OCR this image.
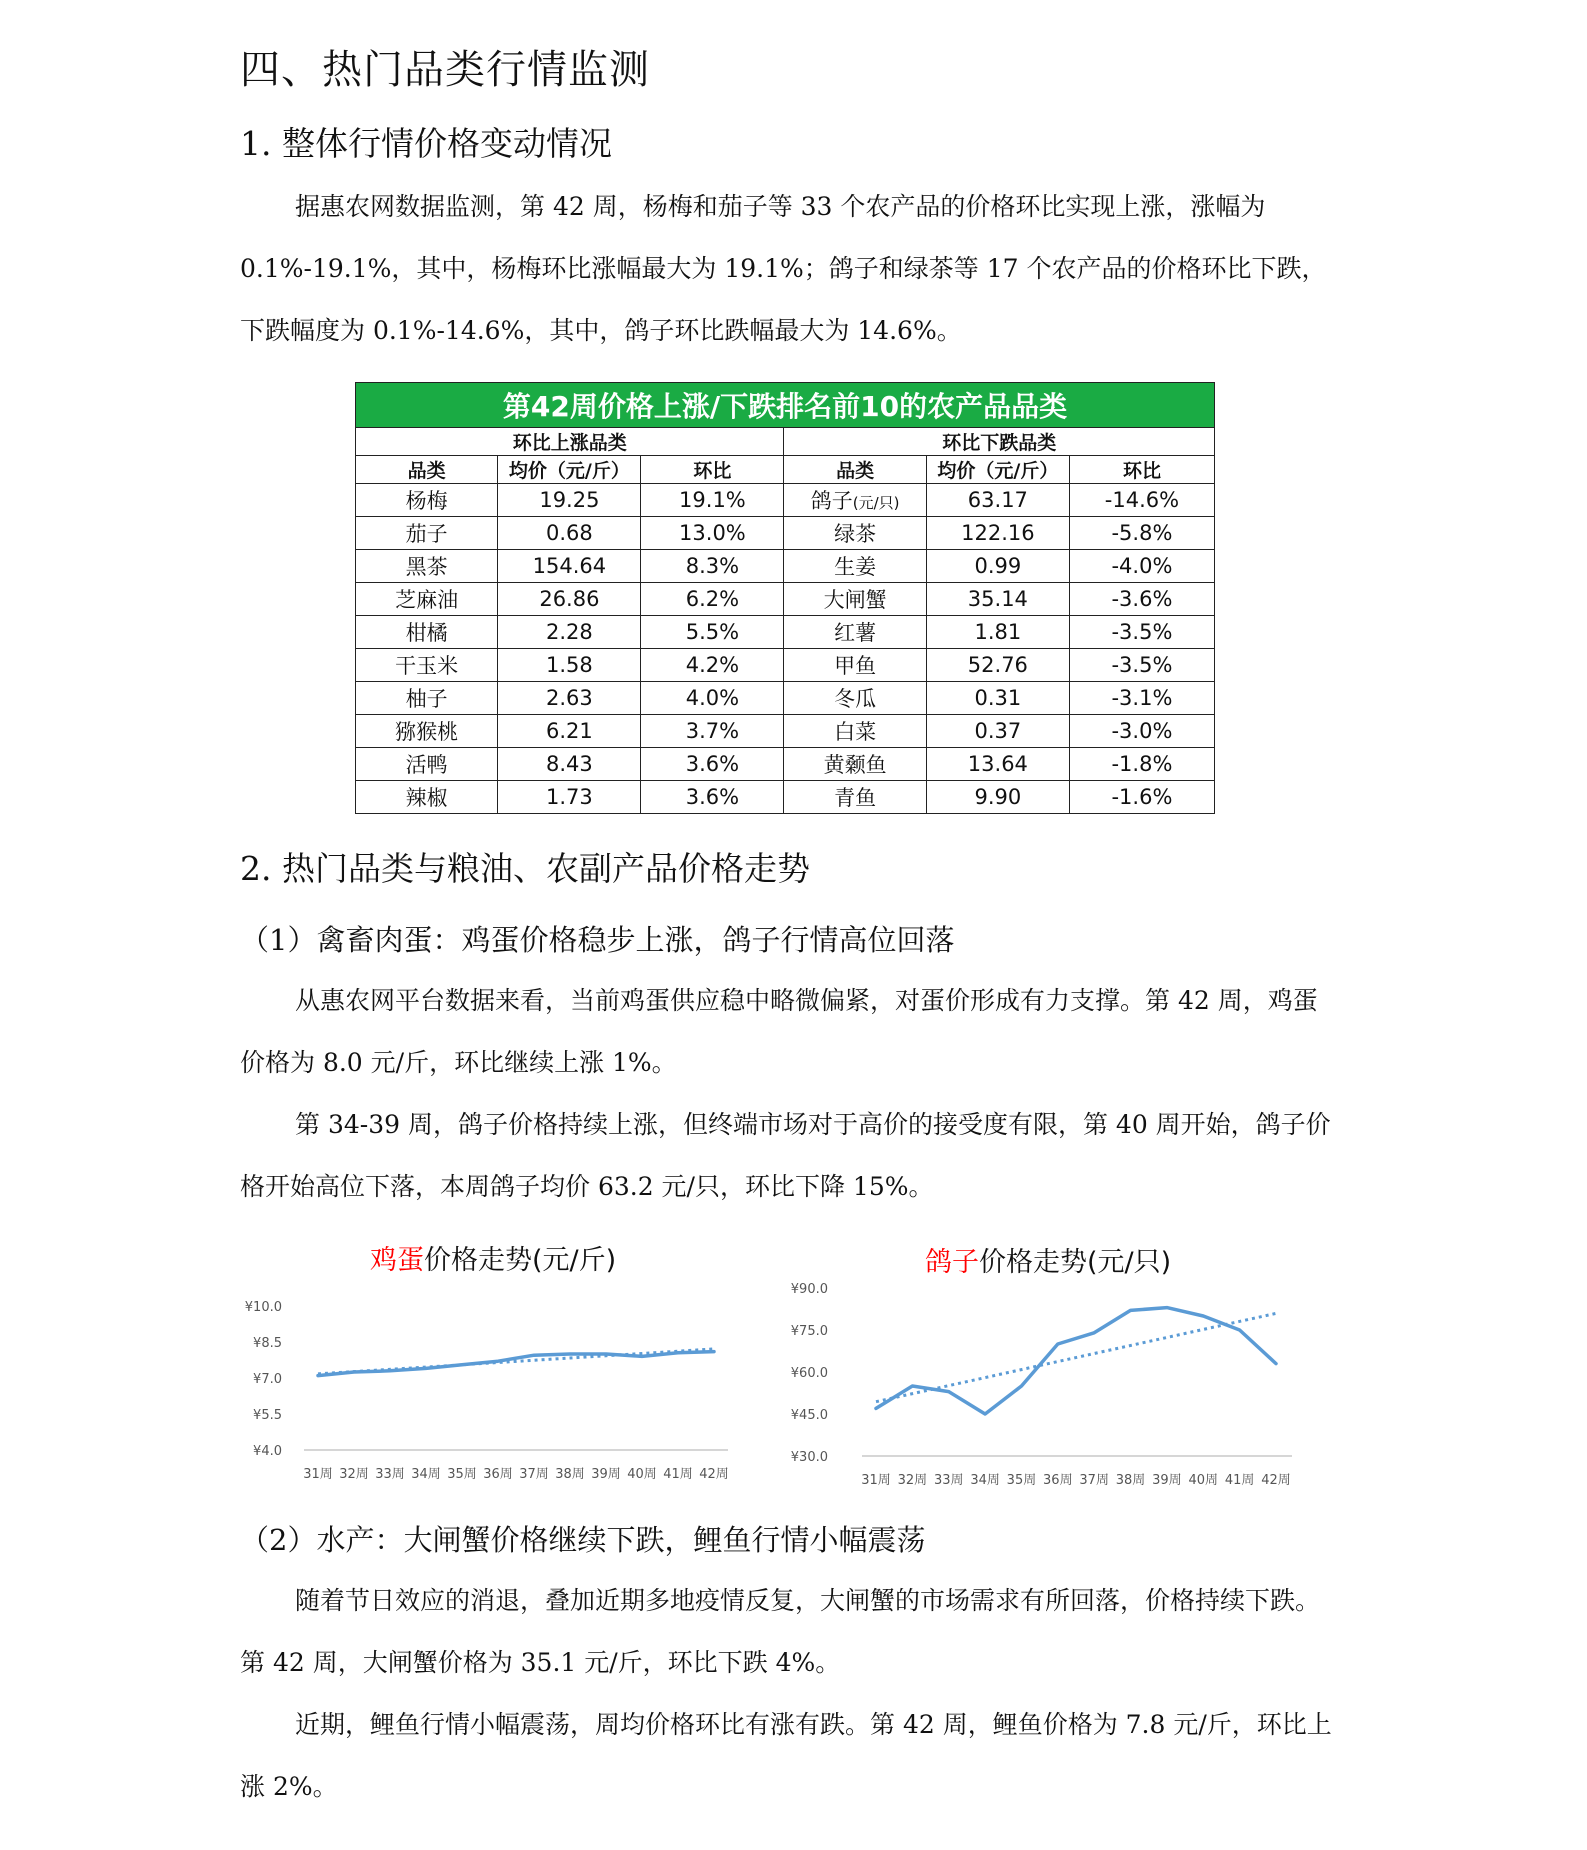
四、热门品类行情监测
1. 整体行情价格变动情况

据惠农网数据监测，第 42 周，杨梅和茄子等 33 个农产品的价格环比实现上涨，涨幅为 0.1%-19.1%，其中，杨梅环比涨幅最大为 19.1%；鸽子和绿茶等 17 个农产品的价格环比下跌，下跌幅度为 0.1%-14.6%，其中，鸽子环比跌幅最大为 14.6%。

第42周价格上涨/下跌排名前10的农产品品类					
环比上涨品类			环比下跌品类		
品类	均价（元/斤）	环比	品类	均价（元/斤）	环比
杨梅	19.25	19.1%	鸽子(元/只)	63.17	-14.6%
茄子	0.68	13.0%	绿茶	122.16	-5.8%
黑茶	154.64	8.3%	生姜	0.99	-4.0%
芝麻油	26.86	6.2%	大闸蟹	35.14	-3.6%
柑橘	2.28	5.5%	红薯	1.81	-3.5%
干玉米	1.58	4.2%	甲鱼	52.76	-3.5%
柚子	2.63	4.0%	冬瓜	0.31	-3.1%
猕猴桃	6.21	3.7%	白菜	0.37	-3.0%
活鸭	8.43	3.6%	黄颡鱼	13.64	-1.8%
辣椒	1.73	3.6%	青鱼	9.90	-1.6%
2. 热门品类与粮油、农副产品价格走势
（1）禽畜肉蛋：鸡蛋价格稳步上涨，鸽子行情高位回落

从惠农网平台数据来看，当前鸡蛋供应稳中略微偏紧，对蛋价形成有力支撑。第 42 周，鸡蛋价格为 8.0 元/斤，环比继续上涨 1%。

第 34-39 周，鸽子价格持续上涨，但终端市场对于高价的接受度有限，第 40 周开始，鸽子价格开始高位下落，本周鸽子均价 63.2 元/只，环比下降 15%。

鸡蛋价格走势(元/斤)
¥10.0
¥8.5
¥7.0
¥5.5
¥4.0
31周 32周 33周 34周 35周 36周 37周 38周 39周 40周 41周 42周
鸽子价格走势(元/只)
¥90.0
¥75.0
¥60.0
¥45.0
¥30.0
31周 32周 33周 34周 35周 36周 37周 38周 39周 40周 41周 42周
（2）水产：大闸蟹价格继续下跌，鲤鱼行情小幅震荡

随着节日效应的消退，叠加近期多地疫情反复，大闸蟹的市场需求有所回落，价格持续下跌。第 42 周，大闸蟹价格为 35.1 元/斤，环比下跌 4%。

近期，鲤鱼行情小幅震荡，周均价格环比有涨有跌。第 42 周，鲤鱼价格为 7.8 元/斤，环比上涨 2%。
